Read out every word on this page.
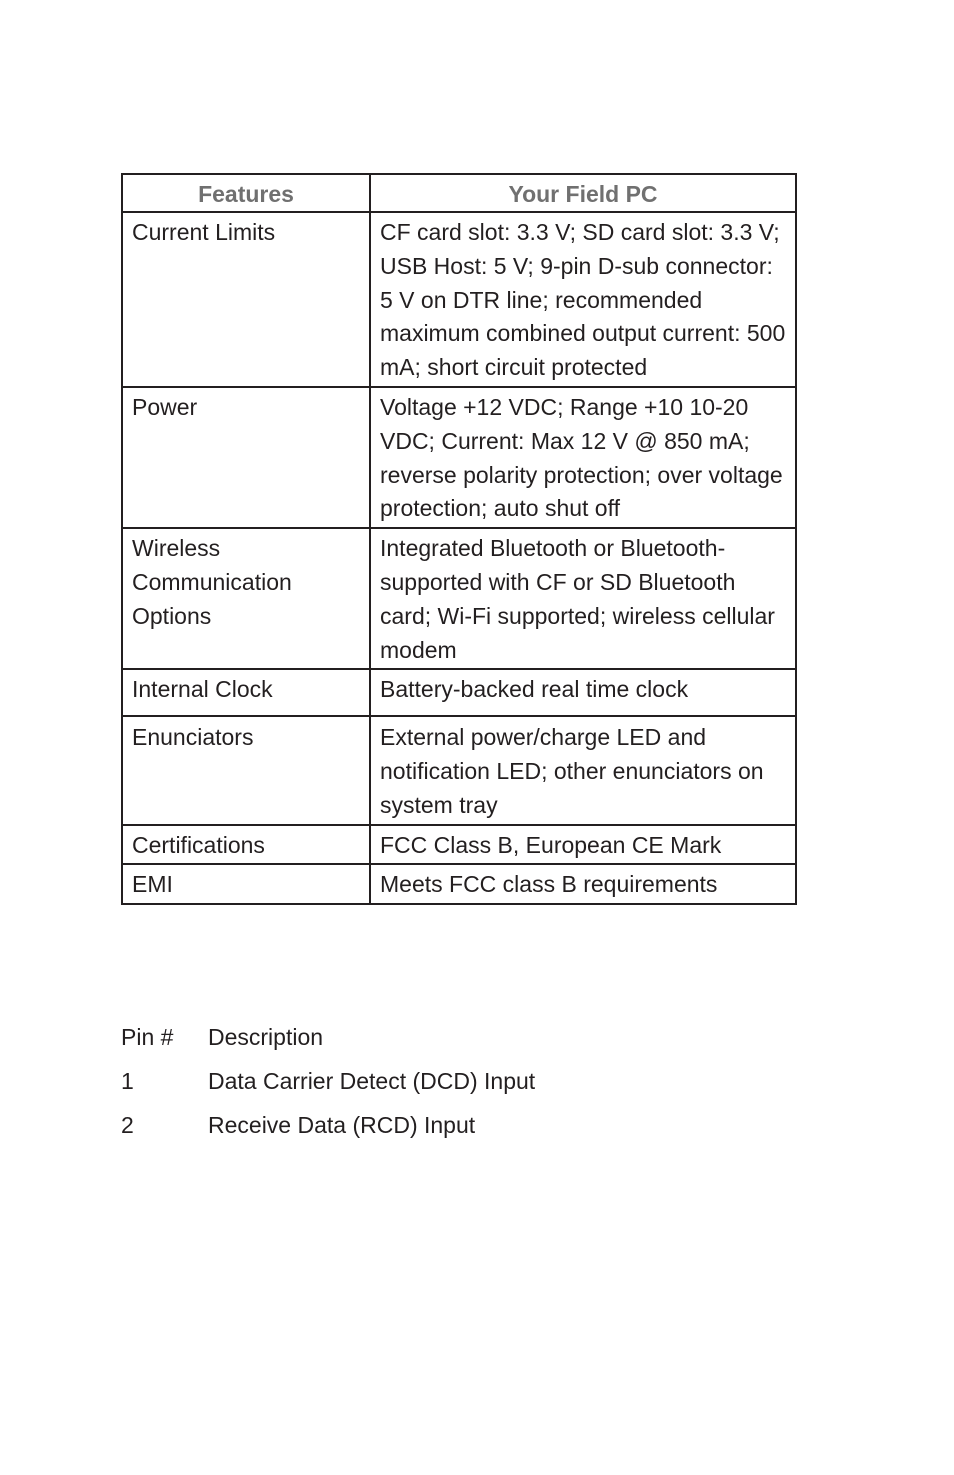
Features	Your Field PC
Current Limits	CF card slot: 3.3 V; SD card slot: 3.3 V; USB Host: 5 V; 9-pin D-sub connector: 5 V on DTR line; recommended maximum combined output current: 500 mA; short circuit protected
Power	Voltage +12 VDC; Range +10 10-20 VDC; Current: Max 12 V @ 850 mA; reverse polarity protection; over voltage protection; auto shut off
Wireless Communication Options	Integrated Bluetooth or Bluetooth-supported with CF or SD Bluetooth card; Wi-Fi supported; wireless cellular modem
Internal Clock	Battery-backed real time clock
Enunciators	External power/charge LED and notification LED; other enunciators on system tray
Certifications	FCC Class B, European CE Mark
EMI	Meets FCC class B requirements
Pin #	Description
1	Data Carrier Detect (DCD) Input
2	Receive Data (RCD) Input
